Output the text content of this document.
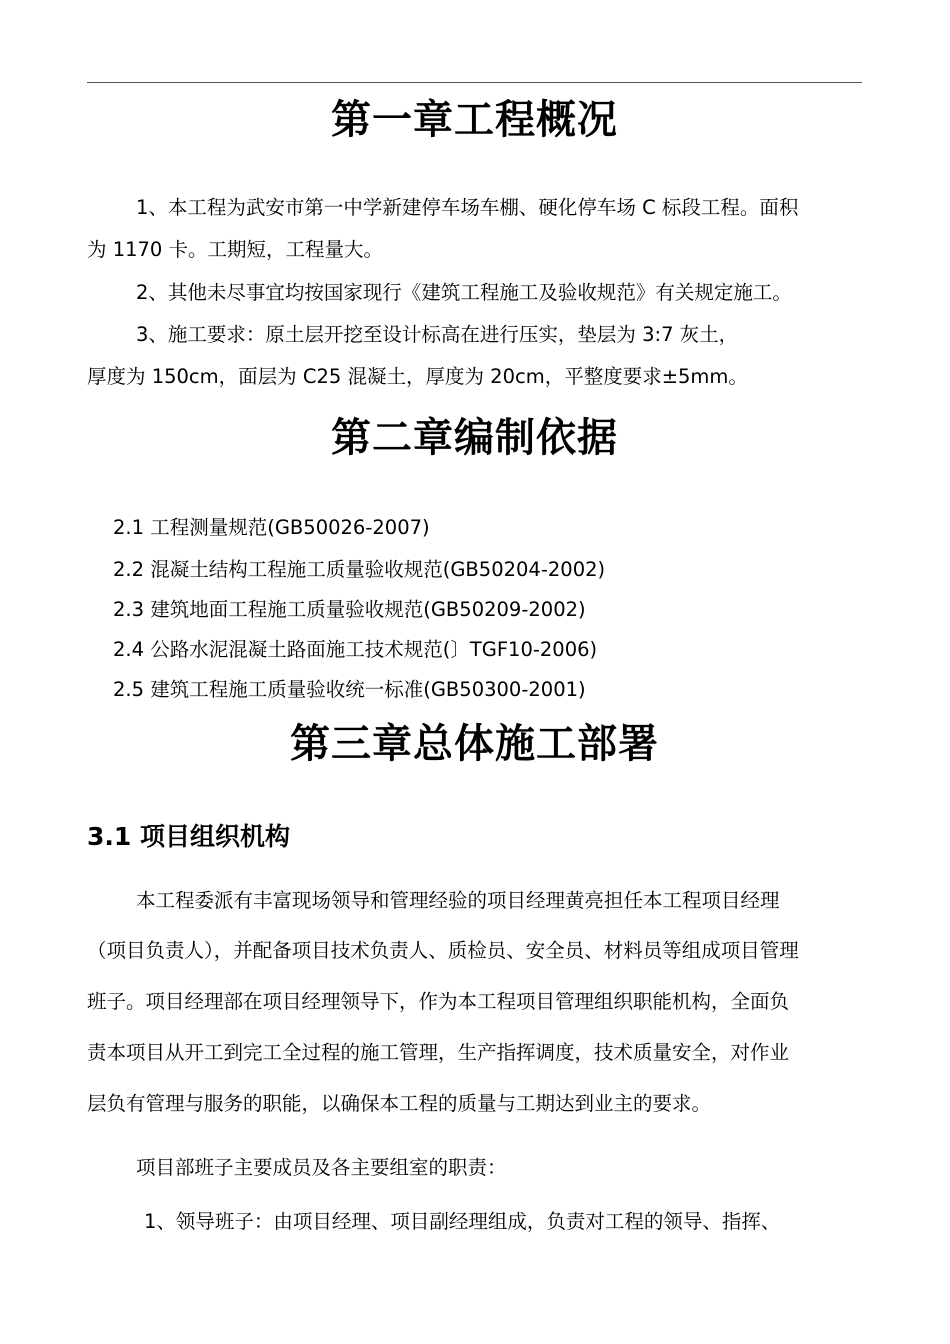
第一章工程概况
1、本工程为武安市第一中学新建停车场车棚、硬化停车场 C 标段工程。面积
为 1170 卡。工期短，工程量大。
2、其他未尽事宜均按国家现行《建筑工程施工及验收规范》有关规定施工。
3、施工要求：原土层开挖至设计标高在进行压实，垫层为 3:7 灰土，
厚度为 150cm，面层为 C25 混凝土，厚度为 20cm，平整度要求±5mm。
第二章编制依据
2.1 工程测量规范(GB50026-2007)
2.2 混凝土结构工程施工质量验收规范(GB50204-2002)
2.3 建筑地面工程施工质量验收规范(GB50209-2002)
2.4 公路水泥混凝土路面施工技术规范(〕TGF10-2006)
2.5 建筑工程施工质量验收统一标准(GB50300-2001)
第三章总体施工部署
3.1 项目组织机构
本工程委派有丰富现场领导和管理经验的项目经理黄亮担任本工程项目经理
（项目负责人），并配备项目技术负责人、质检员、安全员、材料员等组成项目管理
班子。项目经理部在项目经理领导下，作为本工程项目管理组织职能机构，全面负
责本项目从开工到完工全过程的施工管理，生产指挥调度，技术质量安全，对作业
层负有管理与服务的职能，以确保本工程的质量与工期达到业主的要求。
项目部班子主要成员及各主要组室的职责：
1、领导班子：由项目经理、项目副经理组成，负责对工程的领导、指挥、
